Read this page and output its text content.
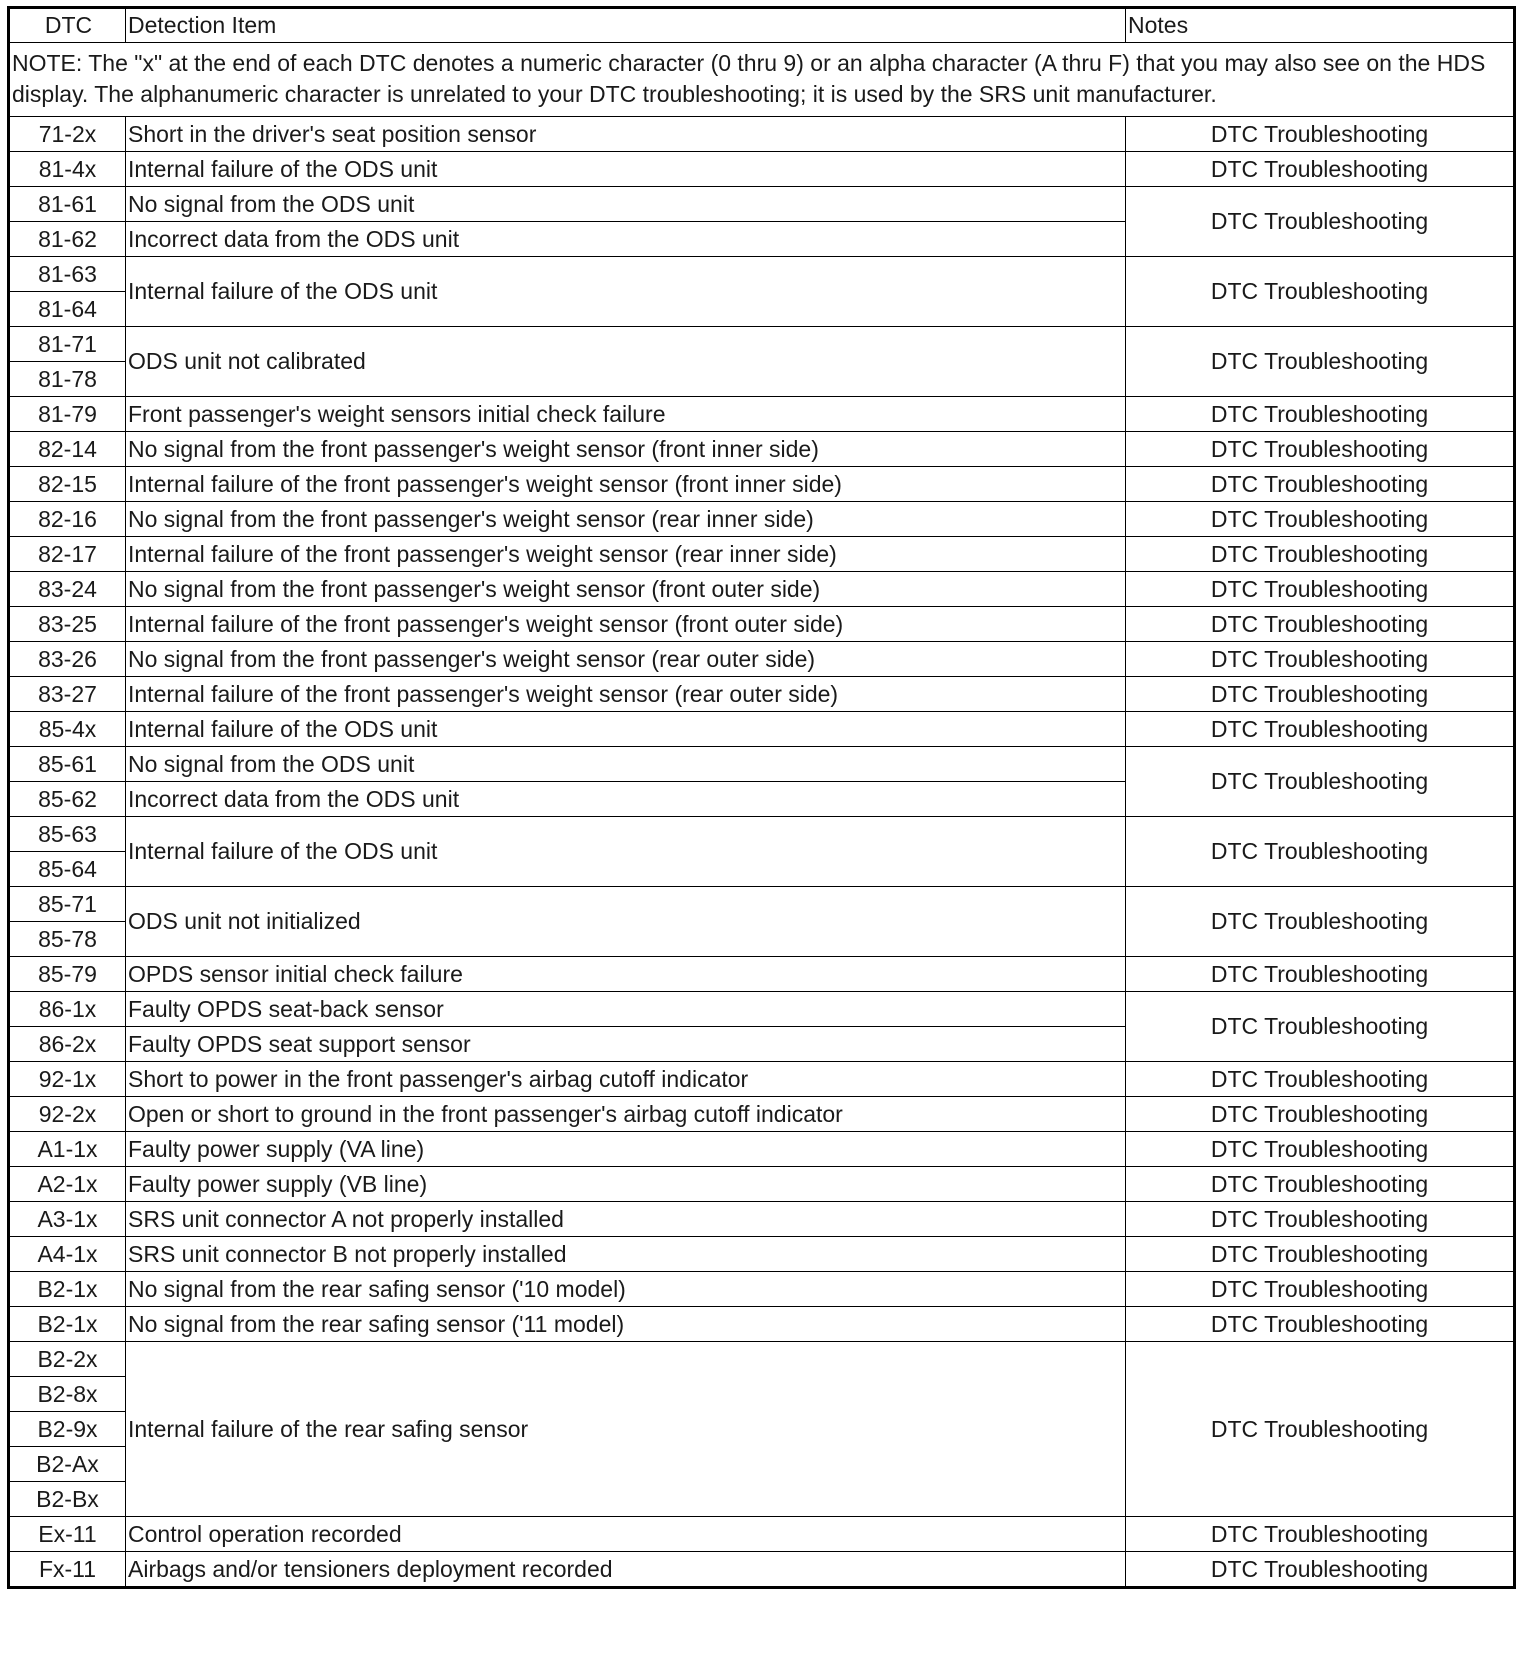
DTC	Detection Item	Notes
NOTE: The "x" at the end of each DTC denotes a numeric character (0 thru 9) or an alpha character (A thru F) that you may also see on the HDS display. The alphanumeric character is unrelated to your DTC troubleshooting; it is used by the SRS unit manufacturer.		
71-2x	Short in the driver's seat position sensor	DTC Troubleshooting
81-4x	Internal failure of the ODS unit	DTC Troubleshooting
81-61	No signal from the ODS unit	DTC Troubleshooting
81-62	Incorrect data from the ODS unit	
81-63	Internal failure of the ODS unit	DTC Troubleshooting
81-64		
81-71	ODS unit not calibrated	DTC Troubleshooting
81-78		
81-79	Front passenger's weight sensors initial check failure	DTC Troubleshooting
82-14	No signal from the front passenger's weight sensor (front inner side)	DTC Troubleshooting
82-15	Internal failure of the front passenger's weight sensor (front inner side)	DTC Troubleshooting
82-16	No signal from the front passenger's weight sensor (rear inner side)	DTC Troubleshooting
82-17	Internal failure of the front passenger's weight sensor (rear inner side)	DTC Troubleshooting
83-24	No signal from the front passenger's weight sensor (front outer side)	DTC Troubleshooting
83-25	Internal failure of the front passenger's weight sensor (front outer side)	DTC Troubleshooting
83-26	No signal from the front passenger's weight sensor (rear outer side)	DTC Troubleshooting
83-27	Internal failure of the front passenger's weight sensor (rear outer side)	DTC Troubleshooting
85-4x	Internal failure of the ODS unit	DTC Troubleshooting
85-61	No signal from the ODS unit	DTC Troubleshooting
85-62	Incorrect data from the ODS unit	
85-63	Internal failure of the ODS unit	DTC Troubleshooting
85-64		
85-71	ODS unit not initialized	DTC Troubleshooting
85-78		
85-79	OPDS sensor initial check failure	DTC Troubleshooting
86-1x	Faulty OPDS seat-back sensor	DTC Troubleshooting
86-2x	Faulty OPDS seat support sensor	
92-1x	Short to power in the front passenger's airbag cutoff indicator	DTC Troubleshooting
92-2x	Open or short to ground in the front passenger's airbag cutoff indicator	DTC Troubleshooting
A1-1x	Faulty power supply (VA line)	DTC Troubleshooting
A2-1x	Faulty power supply (VB line)	DTC Troubleshooting
A3-1x	SRS unit connector A not properly installed	DTC Troubleshooting
A4-1x	SRS unit connector B not properly installed	DTC Troubleshooting
B2-1x	No signal from the rear safing sensor ('10 model)	DTC Troubleshooting
B2-1x	No signal from the rear safing sensor ('11 model)	DTC Troubleshooting
B2-2x	Internal failure of the rear safing sensor	DTC Troubleshooting
B2-8x		
B2-9x		
B2-Ax		
B2-Bx		
Ex-11	Control operation recorded	DTC Troubleshooting
Fx-11	Airbags and/or tensioners deployment recorded	DTC Troubleshooting
